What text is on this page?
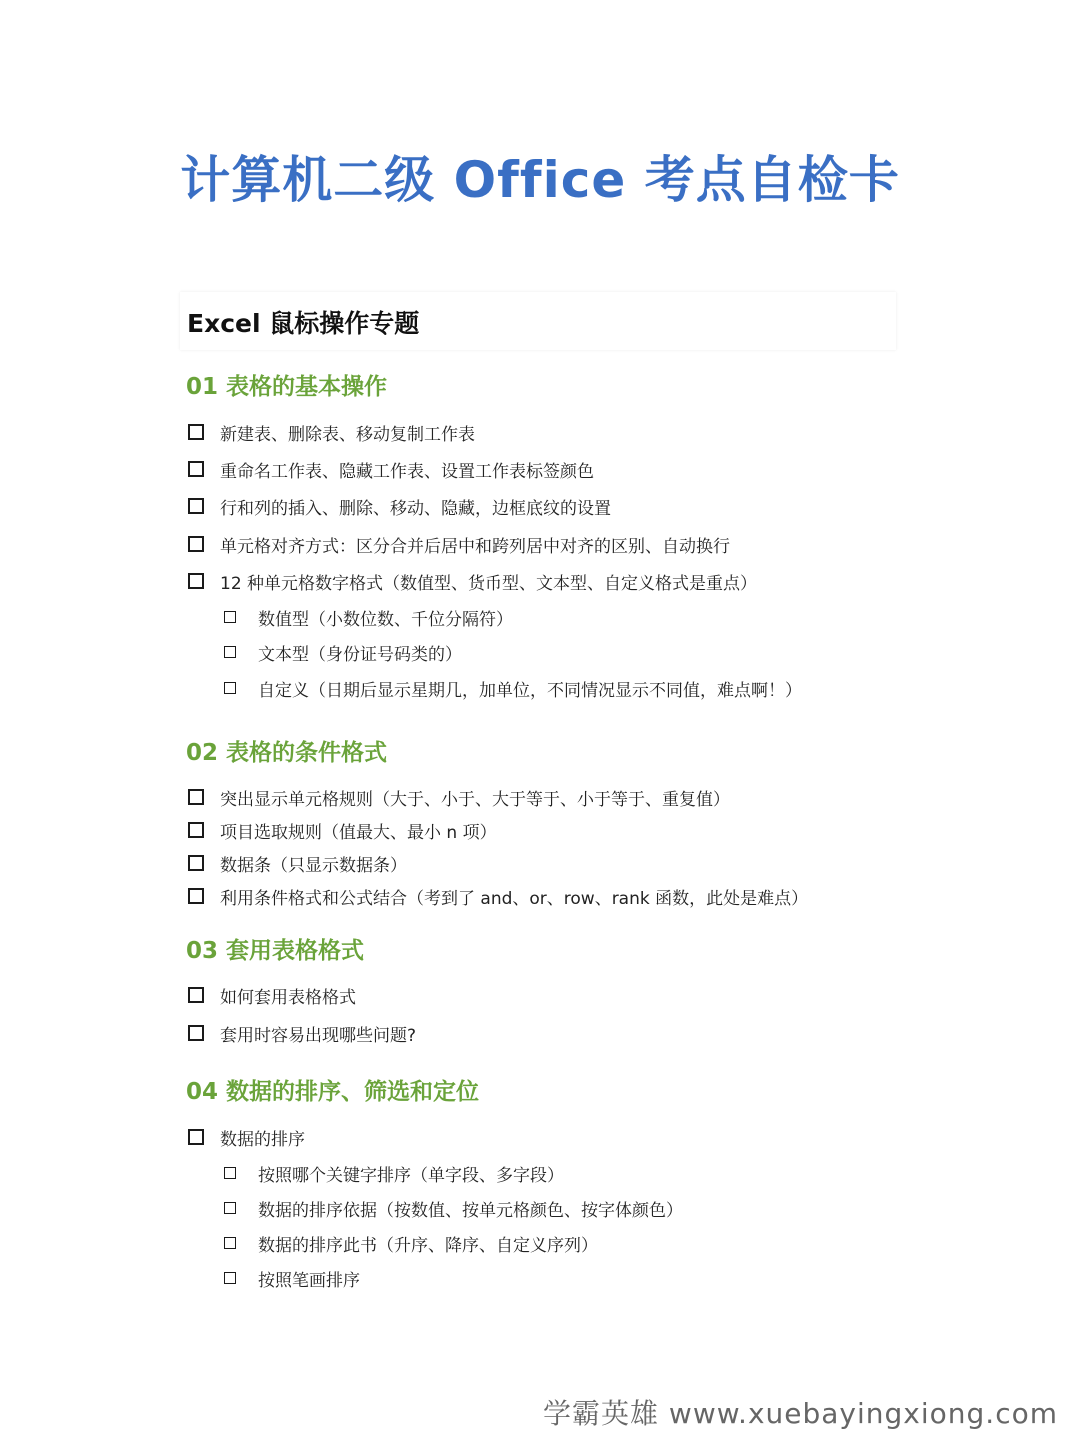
计算机二级 Office 考点自检卡
Excel 鼠标操作专题
01 表格的基本操作
新建表、删除表、移动复制工作表
重命名工作表、隐藏工作表、设置工作表标签颜色
行和列的插入、删除、移动、隐藏，边框底纹的设置
单元格对齐方式：区分合并后居中和跨列居中对齐的区别、自动换行
12 种单元格数字格式（数值型、货币型、文本型、自定义格式是重点）
数值型（小数位数、千位分隔符）
文本型（身份证号码类的）
自定义（日期后显示星期几，加单位，不同情况显示不同值，难点啊！）
02 表格的条件格式
突出显示单元格规则（大于、小于、大于等于、小于等于、重复值）
项目选取规则（值最大、最小 n 项）
数据条（只显示数据条）
利用条件格式和公式结合（考到了 and、or、row、rank 函数，此处是难点）
03 套用表格格式
如何套用表格格式
套用时容易出现哪些问题?
04 数据的排序、筛选和定位
数据的排序
按照哪个关键字排序（单字段、多字段）
数据的排序依据（按数值、按单元格颜色、按字体颜色）
数据的排序此书（升序、降序、自定义序列）
按照笔画排序
学霸英雄 www.xuebayingxiong.com
